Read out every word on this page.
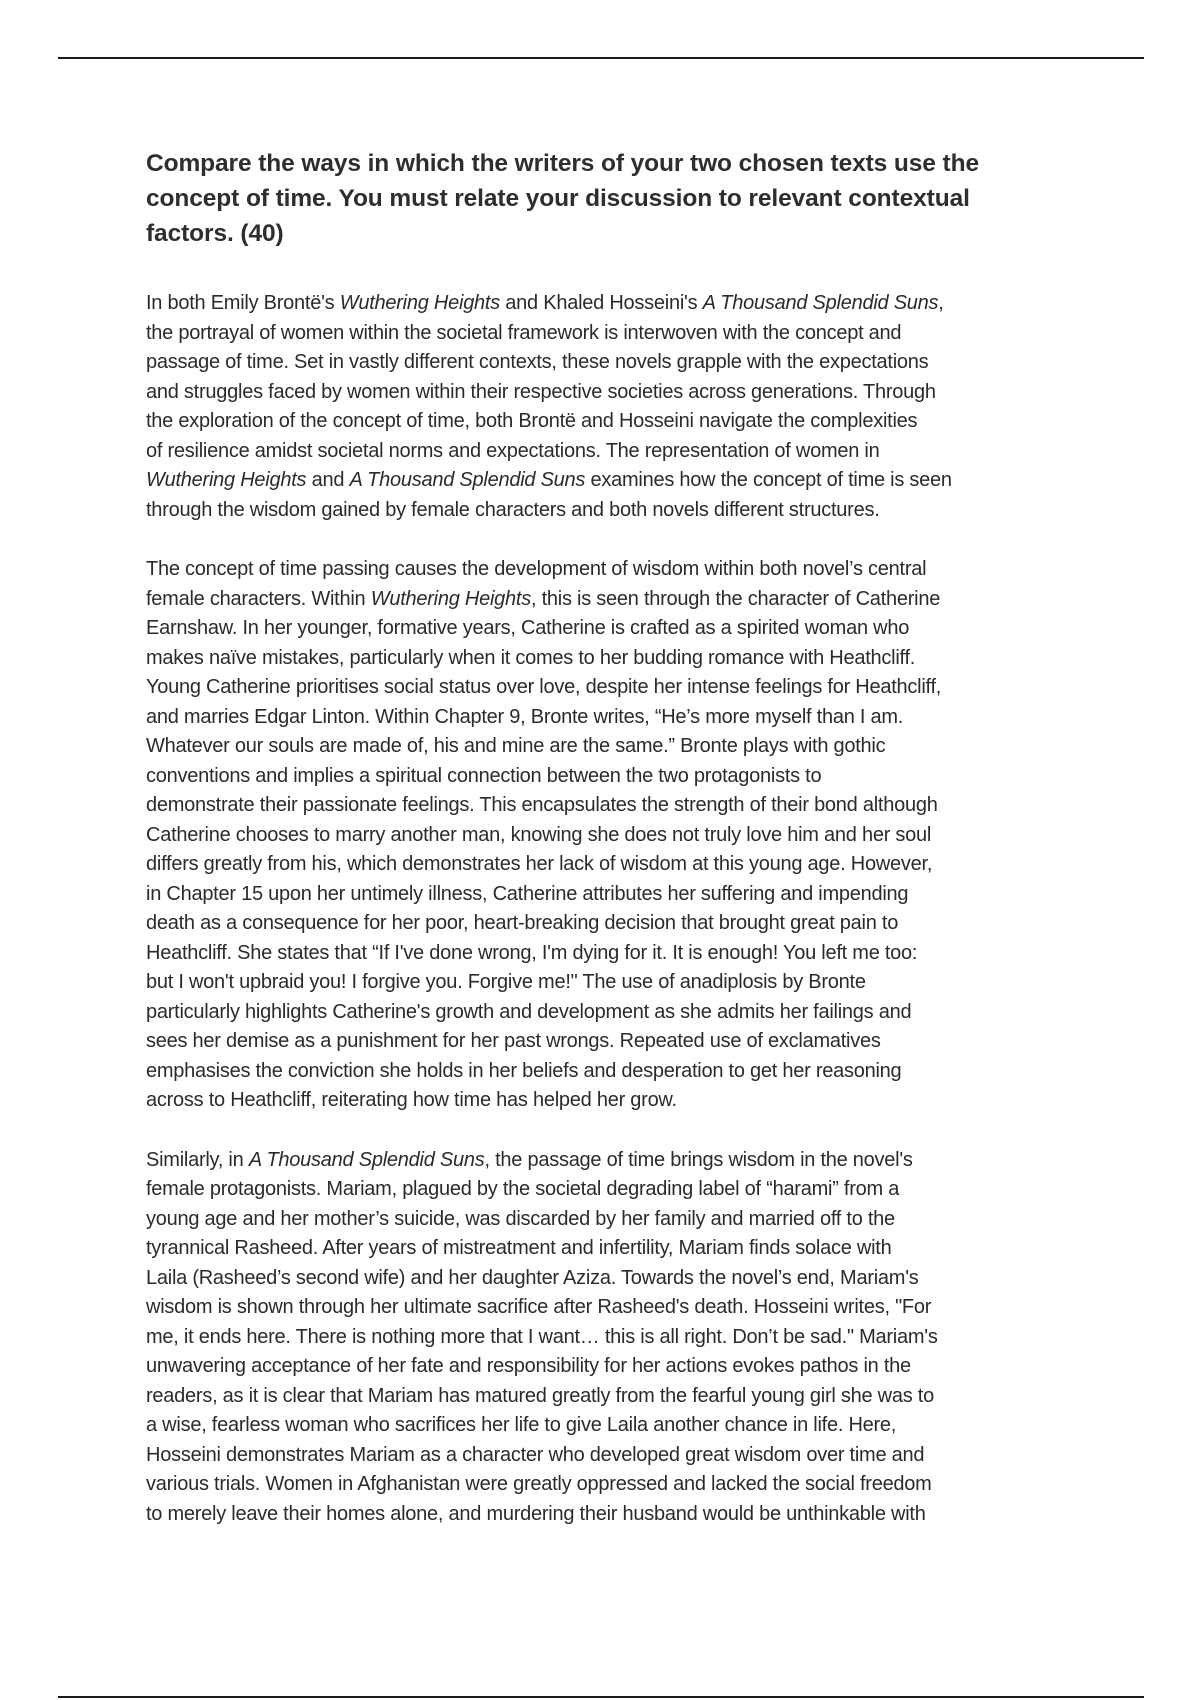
Compare the ways in which the writers of your two chosen texts use the
concept of time. You must relate your discussion to relevant contextual
factors. (40)
In both Emily Brontë's Wuthering Heights and Khaled Hosseini's A Thousand Splendid Suns,
the portrayal of women within the societal framework is interwoven with the concept and
passage of time. Set in vastly different contexts, these novels grapple with the expectations
and struggles faced by women within their respective societies across generations. Through
the exploration of the concept of time, both Brontë and Hosseini navigate the complexities
of resilience amidst societal norms and expectations. The representation of women in
Wuthering Heights and A Thousand Splendid Suns examines how the concept of time is seen
through the wisdom gained by female characters and both novels different structures.
The concept of time passing causes the development of wisdom within both novel’s central
female characters. Within Wuthering Heights, this is seen through the character of Catherine
Earnshaw. In her younger, formative years, Catherine is crafted as a spirited woman who
makes naïve mistakes, particularly when it comes to her budding romance with Heathcliff.
Young Catherine prioritises social status over love, despite her intense feelings for Heathcliff,
and marries Edgar Linton. Within Chapter 9, Bronte writes, “He’s more myself than I am.
Whatever our souls are made of, his and mine are the same.” Bronte plays with gothic
conventions and implies a spiritual connection between the two protagonists to
demonstrate their passionate feelings. This encapsulates the strength of their bond although
Catherine chooses to marry another man, knowing she does not truly love him and her soul
differs greatly from his, which demonstrates her lack of wisdom at this young age. However,
in Chapter 15 upon her untimely illness, Catherine attributes her suffering and impending
death as a consequence for her poor, heart-breaking decision that brought great pain to
Heathcliff. She states that “If I've done wrong, I'm dying for it. It is enough! You left me too:
but I won't upbraid you! I forgive you. Forgive me!" The use of anadiplosis by Bronte
particularly highlights Catherine's growth and development as she admits her failings and
sees her demise as a punishment for her past wrongs. Repeated use of exclamatives
emphasises the conviction she holds in her beliefs and desperation to get her reasoning
across to Heathcliff, reiterating how time has helped her grow.
Similarly, in A Thousand Splendid Suns, the passage of time brings wisdom in the novel's
female protagonists. Mariam, plagued by the societal degrading label of “harami” from a
young age and her mother’s suicide, was discarded by her family and married off to the
tyrannical Rasheed. After years of mistreatment and infertility, Mariam finds solace with
Laila (Rasheed’s second wife) and her daughter Aziza. Towards the novel’s end, Mariam's
wisdom is shown through her ultimate sacrifice after Rasheed's death. Hosseini writes, "For
me, it ends here. There is nothing more that I want… this is all right. Don’t be sad." Mariam's
unwavering acceptance of her fate and responsibility for her actions evokes pathos in the
readers, as it is clear that Mariam has matured greatly from the fearful young girl she was to
a wise, fearless woman who sacrifices her life to give Laila another chance in life. Here,
Hosseini demonstrates Mariam as a character who developed great wisdom over time and
various trials. Women in Afghanistan were greatly oppressed and lacked the social freedom
to merely leave their homes alone, and murdering their husband would be unthinkable with
